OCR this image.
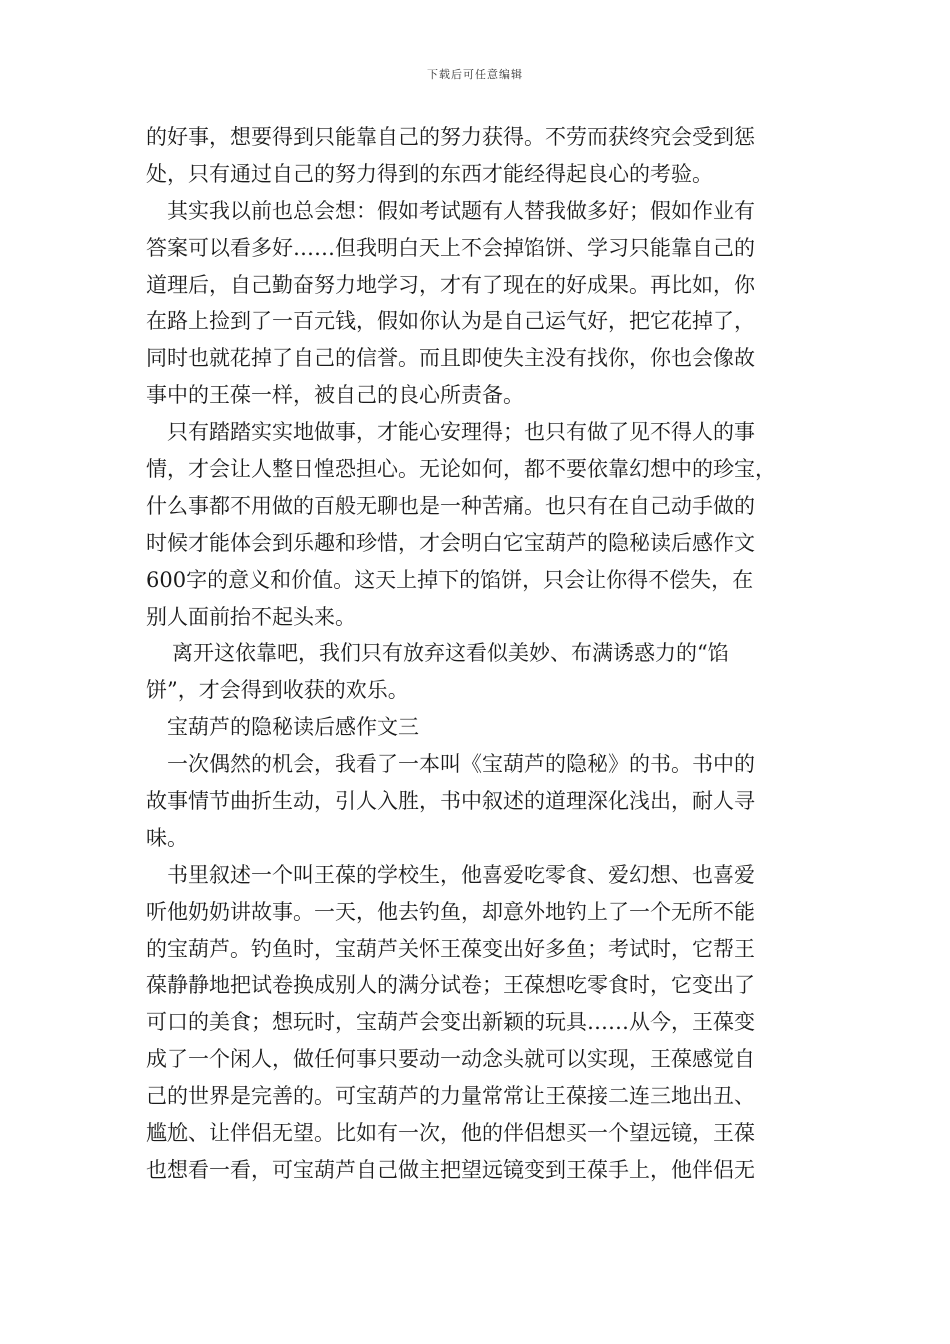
下载后可任意编辑
的好事，想要得到只能靠自己的努力获得。不劳而获终究会受到惩
处，只有通过自己的努力得到的东西才能经得起良心的考验。
其实我以前也总会想：假如考试题有人替我做多好；假如作业有
答案可以看多好……但我明白天上不会掉馅饼、学习只能靠自己的
道理后，自己勤奋努力地学习，才有了现在的好成果。再比如，你
在路上捡到了一百元钱，假如你认为是自己运气好，把它花掉了，
同时也就花掉了自己的信誉。而且即使失主没有找你，你也会像故
事中的王葆一样，被自己的良心所责备。
只有踏踏实实地做事，才能心安理得；也只有做了见不得人的事
情，才会让人整日惶恐担心。无论如何，都不要依靠幻想中的珍宝，
什么事都不用做的百般无聊也是一种苦痛。也只有在自己动手做的
时候才能体会到乐趣和珍惜，才会明白它宝葫芦的隐秘读后感作文
600字的意义和价值。这天上掉下的馅饼，只会让你得不偿失，在
别人面前抬不起头来。
离开这依靠吧，我们只有放弃这看似美妙、布满诱惑力的“馅
饼”，才会得到收获的欢乐。
宝葫芦的隐秘读后感作文三
一次偶然的机会，我看了一本叫《宝葫芦的隐秘》的书。书中的
故事情节曲折生动，引人入胜，书中叙述的道理深化浅出，耐人寻
味。
书里叙述一个叫王葆的学校生，他喜爱吃零食、爱幻想、也喜爱
听他奶奶讲故事。一天，他去钓鱼，却意外地钓上了一个无所不能
的宝葫芦。钓鱼时，宝葫芦关怀王葆变出好多鱼；考试时，它帮王
葆静静地把试卷换成别人的满分试卷；王葆想吃零食时，它变出了
可口的美食；想玩时，宝葫芦会变出新颖的玩具……从今，王葆变
成了一个闲人，做任何事只要动一动念头就可以实现，王葆感觉自
己的世界是完善的。可宝葫芦的力量常常让王葆接二连三地出丑、
尴尬、让伴侣无望。比如有一次，他的伴侣想买一个望远镜，王葆
也想看一看，可宝葫芦自己做主把望远镜变到王葆手上，他伴侣无
